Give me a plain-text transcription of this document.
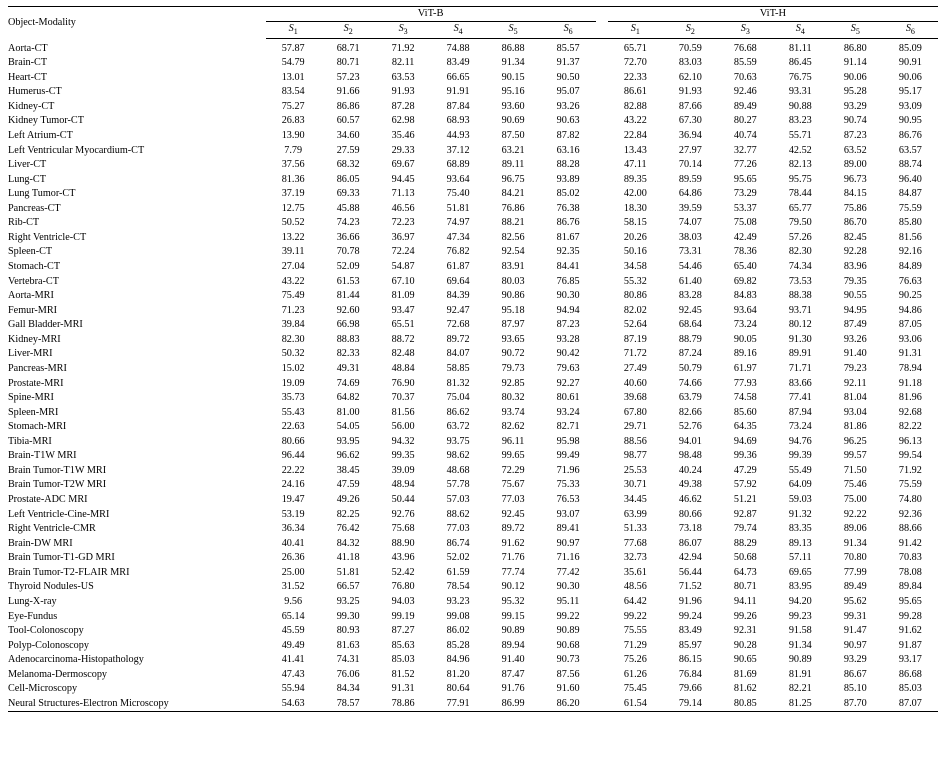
Object-Modality	ViT-B							ViT-H					
	$S_1$	$S_2$	$S_3$	$S_4$	$S_5$	$S_6$		$S_1$	$S_2$	$S_3$	$S_4$	$S_5$	$S_6$
Aorta-CT	57.87	68.71	71.92	74.88	86.88	85.57		65.71	70.59	76.68	81.11	86.80	85.09
Brain-CT	54.79	80.71	82.11	83.49	91.34	91.37		72.70	83.03	85.59	86.45	91.14	90.91
Heart-CT	13.01	57.23	63.53	66.65	90.15	90.50		22.33	62.10	70.63	76.75	90.06	90.06
Humerus-CT	83.54	91.66	91.93	91.91	95.16	95.07		86.61	91.93	92.46	93.31	95.28	95.17
Kidney-CT	75.27	86.86	87.28	87.84	93.60	93.26		82.88	87.66	89.49	90.88	93.29	93.09
Kidney Tumor-CT	26.83	60.57	62.98	68.93	90.69	90.63		43.22	67.30	80.27	83.23	90.74	90.95
Left Atrium-CT	13.90	34.60	35.46	44.93	87.50	87.82		22.84	36.94	40.74	55.71	87.23	86.76
Left Ventricular Myocardium-CT	7.79	27.59	29.33	37.12	63.21	63.16		13.43	27.97	32.77	42.52	63.52	63.57
Liver-CT	37.56	68.32	69.67	68.89	89.11	88.28		47.11	70.14	77.26	82.13	89.00	88.74
Lung-CT	81.36	86.05	94.45	93.64	96.75	93.89		89.35	89.59	95.65	95.75	96.73	96.40
Lung Tumor-CT	37.19	69.33	71.13	75.40	84.21	85.02		42.00	64.86	73.29	78.44	84.15	84.87
Pancreas-CT	12.75	45.88	46.56	51.81	76.86	76.38		18.30	39.59	53.37	65.77	75.86	75.59
Rib-CT	50.52	74.23	72.23	74.97	88.21	86.76		58.15	74.07	75.08	79.50	86.70	85.80
Right Ventricle-CT	13.22	36.66	36.97	47.34	82.56	81.67		20.26	38.03	42.49	57.26	82.45	81.56
Spleen-CT	39.11	70.78	72.24	76.82	92.54	92.35		50.16	73.31	78.36	82.30	92.28	92.16
Stomach-CT	27.04	52.09	54.87	61.87	83.91	84.41		34.58	54.46	65.40	74.34	83.96	84.89
Vertebra-CT	43.22	61.53	67.10	69.64	80.03	76.85		55.32	61.40	69.82	73.53	79.35	76.63
Aorta-MRI	75.49	81.44	81.09	84.39	90.86	90.30		80.86	83.28	84.83	88.38	90.55	90.25
Femur-MRI	71.23	92.60	93.47	92.47	95.18	94.94		82.02	92.45	93.64	93.71	94.95	94.86
Gall Bladder-MRI	39.84	66.98	65.51	72.68	87.97	87.23		52.64	68.64	73.24	80.12	87.49	87.05
Kidney-MRI	82.30	88.83	88.72	89.72	93.65	93.28		87.19	88.79	90.05	91.30	93.26	93.06
Liver-MRI	50.32	82.33	82.48	84.07	90.72	90.42		71.72	87.24	89.16	89.91	91.40	91.31
Pancreas-MRI	15.02	49.31	48.84	58.85	79.73	79.63		27.49	50.79	61.97	71.71	79.23	78.94
Prostate-MRI	19.09	74.69	76.90	81.32	92.85	92.27		40.60	74.66	77.93	83.66	92.11	91.18
Spine-MRI	35.73	64.82	70.37	75.04	80.32	80.61		39.68	63.79	74.58	77.41	81.04	81.96
Spleen-MRI	55.43	81.00	81.56	86.62	93.74	93.24		67.80	82.66	85.60	87.94	93.04	92.68
Stomach-MRI	22.63	54.05	56.00	63.72	82.62	82.71		29.71	52.76	64.35	73.24	81.86	82.22
Tibia-MRI	80.66	93.95	94.32	93.75	96.11	95.98		88.56	94.01	94.69	94.76	96.25	96.13
Brain-T1W MRI	96.44	96.62	99.35	98.62	99.65	99.49		98.77	98.48	99.36	99.39	99.57	99.54
Brain Tumor-T1W MRI	22.22	38.45	39.09	48.68	72.29	71.96		25.53	40.24	47.29	55.49	71.50	71.92
Brain Tumor-T2W MRI	24.16	47.59	48.94	57.78	75.67	75.33		30.71	49.38	57.92	64.09	75.46	75.59
Prostate-ADC MRI	19.47	49.26	50.44	57.03	77.03	76.53		34.45	46.62	51.21	59.03	75.00	74.80
Left Ventricle-Cine-MRI	53.19	82.25	92.76	88.62	92.45	93.07		63.99	80.66	92.87	91.32	92.22	92.36
Right Ventricle-CMR	36.34	76.42	75.68	77.03	89.72	89.41		51.33	73.18	79.74	83.35	89.06	88.66
Brain-DW MRI	40.41	84.32	88.90	86.74	91.62	90.97		77.68	86.07	88.29	89.13	91.34	91.42
Brain Tumor-T1-GD MRI	26.36	41.18	43.96	52.02	71.76	71.16		32.73	42.94	50.68	57.11	70.80	70.83
Brain Tumor-T2-FLAIR MRI	25.00	51.81	52.42	61.59	77.74	77.42		35.61	56.44	64.73	69.65	77.99	78.08
Thyroid Nodules-US	31.52	66.57	76.80	78.54	90.12	90.30		48.56	71.52	80.71	83.95	89.49	89.84
Lung-X-ray	9.56	93.25	94.03	93.23	95.32	95.11		64.42	91.96	94.11	94.20	95.62	95.65
Eye-Fundus	65.14	99.30	99.19	99.08	99.15	99.22		99.22	99.24	99.26	99.23	99.31	99.28
Tool-Colonoscopy	45.59	80.93	87.27	86.02	90.89	90.89		75.55	83.49	92.31	91.58	91.47	91.62
Polyp-Colonoscopy	49.49	81.63	85.63	85.28	89.94	90.68		71.29	85.97	90.28	91.34	90.97	91.87
Adenocarcinoma-Histopathology	41.41	74.31	85.03	84.96	91.40	90.73		75.26	86.15	90.65	90.89	93.29	93.17
Melanoma-Dermoscopy	47.43	76.06	81.52	81.20	87.47	87.56		61.26	76.84	81.69	81.91	86.67	86.68
Cell-Microscopy	55.94	84.34	91.31	80.64	91.76	91.60		75.45	79.66	81.62	82.21	85.10	85.03
Neural Structures-Electron Microscopy	54.63	78.57	78.86	77.91	86.99	86.20		61.54	79.14	80.85	81.25	87.70	87.07
